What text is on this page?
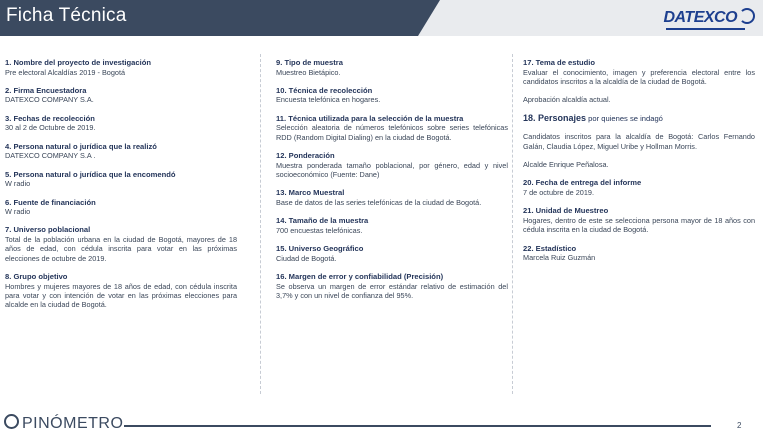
Ficha Técnica	DATEXCO
1. Nombre del proyecto de investigación
Pre electoral Alcaldías 2019 - Bogotá
2. Firma Encuestadora
DATEXCO COMPANY S.A.
3. Fechas de recolección
30 al 2 de Octubre de 2019.
4. Persona natural o jurídica que la realizó
DATEXCO COMPANY S.A .
5. Persona natural o jurídica que la encomendó
W radio
6. Fuente de financiación
W radio
7. Universo poblacional
Total de la población urbana en la ciudad de Bogotá, mayores de 18 años de edad, con cédula inscrita para votar en las próximas elecciones de octubre de 2019.
8. Grupo objetivo
Hombres y mujeres mayores de 18 años de edad, con cédula inscrita para votar y con intención de votar en las próximas elecciones para alcalde en la ciudad de Bogotá.
9. Tipo de muestra
Muestreo Bietápico.
10. Técnica de recolección
Encuesta telefónica en hogares.
11. Técnica utilizada para la selección de la muestra
Selección aleatoria de números telefónicos sobre series telefónicas RDD (Random Digital Dialing) en la ciudad de Bogotá.
12. Ponderación
Muestra ponderada tamaño poblacional, por género, edad y nivel socioeconómico (Fuente: Dane)
13. Marco Muestral
Base de datos de las series telefónicas de la ciudad de Bogotá.
14. Tamaño de la muestra
700 encuestas telefónicas.
15. Universo Geográfico
Ciudad de Bogotá.
16. Margen de error y confiabilidad (Precisión)
Se observa un margen de error estándar relativo de estimación del 3,7% y con un nivel de confianza del 95%.
17. Tema de estudio
Evaluar el conocimiento, imagen y preferencia electoral entre los candidatos inscritos a la alcaldía de la ciudad de Bogotá.
Aprobación alcaldía actual.
18. Personajes por quienes se indagó
Candidatos inscritos para la alcaldía de Bogotá: Carlos Fernando Galán, Claudia López, Miguel Uribe y Hollman Morris.
Alcalde Enrique Peñalosa.
20. Fecha de entrega del informe
7 de octubre de 2019.
21. Unidad de Muestreo
Hogares, dentro de este se selecciona persona mayor de 18 años con cédula inscrita en la ciudad de Bogotá.
22. Estadístico
Marcela Ruiz Guzmán
PINÓMETRO	2
